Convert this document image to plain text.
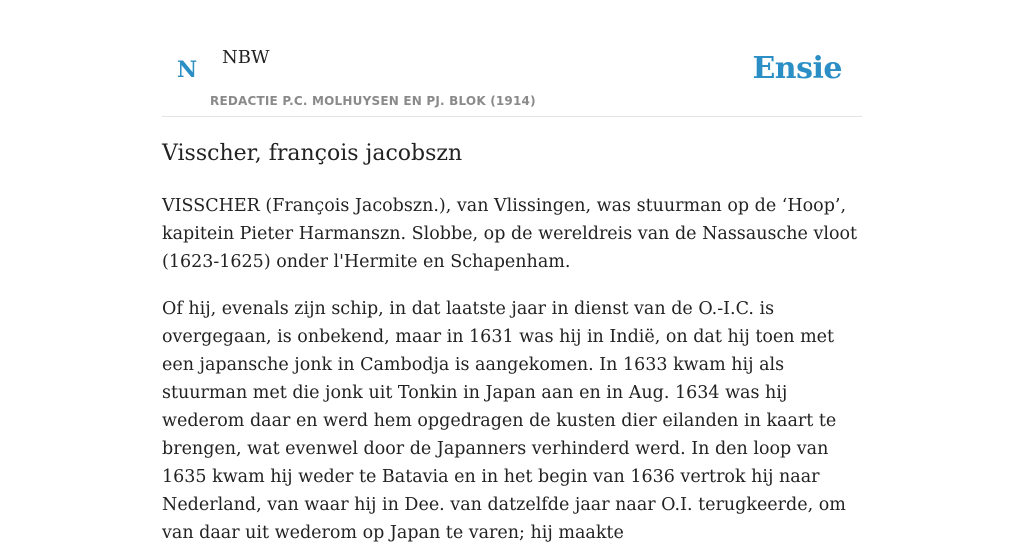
N NBW
REDACTIE P.C. MOLHUYSEN EN PJ. BLOK (1914)
Ensie
Visscher, françois jacobszn

VISSCHER (François Jacobszn.), van Vlissingen, was stuurman op de ‘Hoop’, kapitein Pieter Harmanszn. Slobbe, op de wereldreis van de Nassausche vloot (1623-1625) onder l'Hermite en Schapenham.

Of hij, evenals zijn schip, in dat laatste jaar in dienst van de O.-I.C. is overgegaan, is onbekend, maar in 1631 was hij in Indië, on dat hij toen met een japansche jonk in Cambodja is aangekomen. In 1633 kwam hij als stuurman met die jonk uit Tonkin in Japan aan en in Aug. 1634 was hij wederom daar en werd hem opgedragen de kusten dier eilanden in kaart te brengen, wat evenwel door de Japanners verhinderd werd. In den loop van 1635 kwam hij weder te Batavia en in het begin van 1636 vertrok hij naar Nederland, van waar hij in Dee. van datzelfde jaar naar O.I. terugkeerde, om van daar uit wederom op Japan te varen; hij maakte
